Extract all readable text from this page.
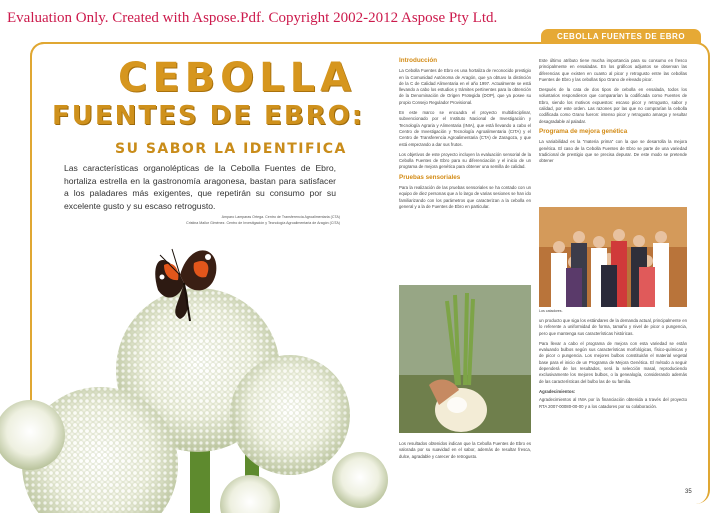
Evaluation Only. Created with Aspose.Pdf. Copyright 2002-2012 Aspose Pty Ltd.
CEBOLLA FUENTES DE EBRO
CEBOLLA
FUENTES DE EBRO:
SU SABOR LA IDENTIFICA
Las características organolépticas de la Cebolla Fuentes de Ebro, hortaliza estrella en la gastronomía aragonesa, bastan para satisfacer a los paladares más exigentes, que repetirán su consumo por su excelente gusto y su escaso retrogusto.
Amparo Lamparas Ortega. Centro de Transferencia Agroalimentaria (CTA)
Cristina Mallor Giménez. Centro de Investigación y Tecnología Agroalimentaria de Aragón (CITA)
Introducción

La Cebolla Fuentes de Ebro es una hortaliza de reconocido prestigio en la Comunidad Autónoma de Aragón, que ya obtuvo la distinción de la C de Calidad Alimentaria en el año 1997. Actualmente se está llevando a cabo los estudios y trámites pertinentes para la obtención de la Denominación de Origen Protegida (DOP), que ya posee su propio Consejo Regulador Provisional.

En este marco se encuadra el proyecto multidisciplinar, subvencionado por el Instituto Nacional de Investigación y Tecnología Agraria y Alimentaria (INIA), que está llevando a cabo el Centro de Investigación y Tecnología Agroalimentaria (CITA) y el Centro de Transferencia Agroalimentaria (CTA) de Zaragoza, y que está empezando a dar sus frutos.

Los objetivos de este proyecto incluyen la evaluación sensorial de la Cebolla Fuentes de Ebro para su diferenciación y el inicio de un programa de mejora genética para obtener una semilla de calidad.

Pruebas sensoriales

Para la realización de las pruebas sensoriales se ha contado con un equipo de diez personas que a lo largo de varias sesiones se han ido familiarizando con los parámetros que caracterizan a la cebolla en general y a la de Fuentes de Ebro en particular.

Este último atributo tiene mucha importancia para su consumo en fresco principalmente en ensaladas. En los gráficos adjuntos se observan las diferencias que existen en cuanto al picor y retrogusto entre las cebollas Fuentes de Ebro y las cebollas tipo Grano de elevado picor.

Después de la cata de dos tipos de cebolla en ensalada, todos los voluntarios respondieron que compararían la codificada como Fuentes de Ebro, siendo los motivos expuestos: escaso picor y retrogusto, sabor y calidad, por este orden. Las razones por las que no comprarían la cebolla codificada como Grano fueron: intenso picor y retrogusto amargo y resultar desagradable al paladar.

Programa de mejora genética

La variabilidad es la "materia prima" con la que se desarrolla la mejora genética. El caso de la Cebolla Fuentes de Ebro se parte de una variedad tradicional de prestigio que se precisa depurar. De este modo se pretende obtener

Los catadores.

un producto que siga los estándares de la demanda actual, principalmente en lo referente a uniformidad de forma, tamaño y nivel de picor o pungencia, pero que mantenga sus características históricas.

Para llevar a cabo el programa de mejora con esta variedad se están evaluando bulbos según sus características morfológicas, físico-químicas y de picor o pungencia. Los mejores bulbos constituirán el material vegetal base para el inicio de un Programa de Mejora Genética. El método a seguir dependerá de los resultados, será la selección masal, reproduciendo exclusivamente los mejores bulbos, o la genealogía, considerando además de las características del bulbo las de su familia.

Agradecimientos:

Agradecimientos al INIA por la financiación obtenida a través del proyecto RTA 2007-00080-00-00 y a los catadores por su colaboración.

Los resultados obtenidos indican que la Cebolla Fuentes de Ebro es valorada por su suavidad en el sabor, además de resultar fresca, dulce, agradable y carecer de retrogusto.

35
